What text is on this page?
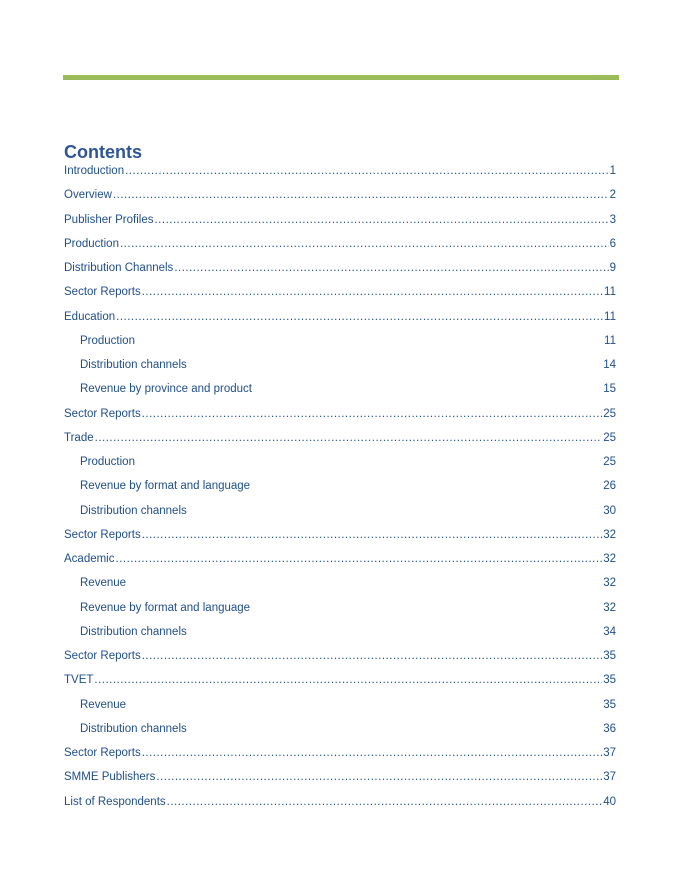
Contents
Introduction .....	1
Overview .....	2
Publisher Profiles .....	3
Production .....	6
Distribution Channels .....	9
Sector Reports .....	11
Education .....	11
Production	11
Distribution channels	14
Revenue by province and product	15
Sector Reports .....	25
Trade .....	25
Production	25
Revenue by format and language	26
Distribution channels	30
Sector Reports .....	32
Academic .....	32
Revenue	32
Revenue by format and language	32
Distribution channels	34
Sector Reports .....	35
TVET .....	35
Revenue	35
Distribution channels	36
Sector Reports .....	37
SMME Publishers .....	37
List of Respondents .....	40
